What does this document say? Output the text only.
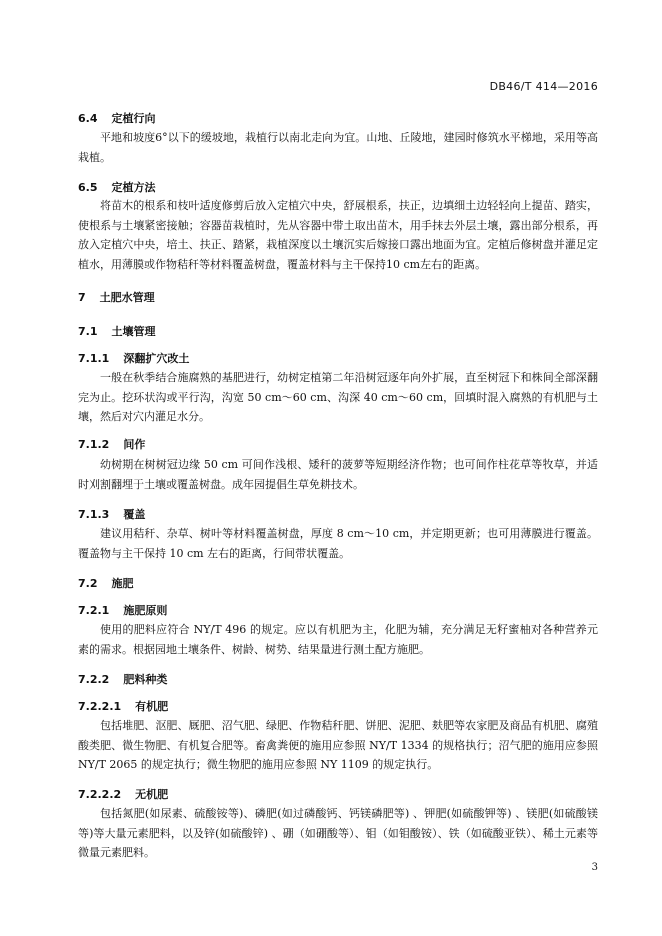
DB46/T 414—2016
6.4 定植行向
平地和坡度6°以下的缓坡地，栽植行以南北走向为宜。山地、丘陵地，建园时修筑水平梯地，采用等高栽植。
6.5 定植方法
将苗木的根系和枝叶适度修剪后放入定植穴中央，舒展根系，扶正，边填细土边轻轻向上提苗、踏实，使根系与土壤紧密接触；容器苗栽植时，先从容器中带土取出苗木，用手抹去外层土壤，露出部分根系，再放入定植穴中央，培土、扶正、踏紧，栽植深度以土壤沉实后嫁接口露出地面为宜。定植后修树盘并灌足定植水，用薄膜或作物秸秆等材料覆盖树盘，覆盖材料与主干保持10 cm左右的距离。
7 土肥水管理
7.1 土壤管理
7.1.1 深翻扩穴改土
一般在秋季结合施腐熟的基肥进行，幼树定植第二年沿树冠逐年向外扩展，直至树冠下和株间全部深翻完为止。挖环状沟或平行沟，沟宽 50 cm～60 cm、沟深 40 cm～60 cm，回填时混入腐熟的有机肥与土壤，然后对穴内灌足水分。
7.1.2 间作
幼树期在树树冠边缘 50 cm 可间作浅根、矮秆的菠萝等短期经济作物；也可间作柱花草等牧草，并适时刈割翻埋于土壤或覆盖树盘。成年园提倡生草免耕技术。
7.1.3 覆盖
建议用秸秆、杂草、树叶等材料覆盖树盘，厚度 8 cm～10 cm，并定期更新；也可用薄膜进行覆盖。覆盖物与主干保持 10 cm 左右的距离，行间带状覆盖。
7.2 施肥
7.2.1 施肥原则
使用的肥料应符合 NY/T 496 的规定。应以有机肥为主，化肥为辅，充分满足无籽蜜柚对各种营养元素的需求。根据园地土壤条件、树龄、树势、结果量进行测土配方施肥。
7.2.2 肥料种类
7.2.2.1 有机肥
包括堆肥、沤肥、厩肥、沼气肥、绿肥、作物秸秆肥、饼肥、泥肥、麸肥等农家肥及商品有机肥、腐殖酸类肥、微生物肥、有机复合肥等。畜禽粪便的施用应参照 NY/T 1334 的规格执行；沼气肥的施用应参照 NY/T 2065 的规定执行；微生物肥的施用应参照 NY 1109 的规定执行。
7.2.2.2 无机肥
包括氮肥(如尿素、硫酸铵等)、磷肥(如过磷酸钙、钙镁磷肥等) 、钾肥(如硫酸钾等) 、镁肥(如硫酸镁等)等大量元素肥料，以及锌(如硫酸锌) 、硼（如硼酸等）、钼（如钼酸铵）、铁（如硫酸亚铁）、稀土元素等微量元素肥料。
3
